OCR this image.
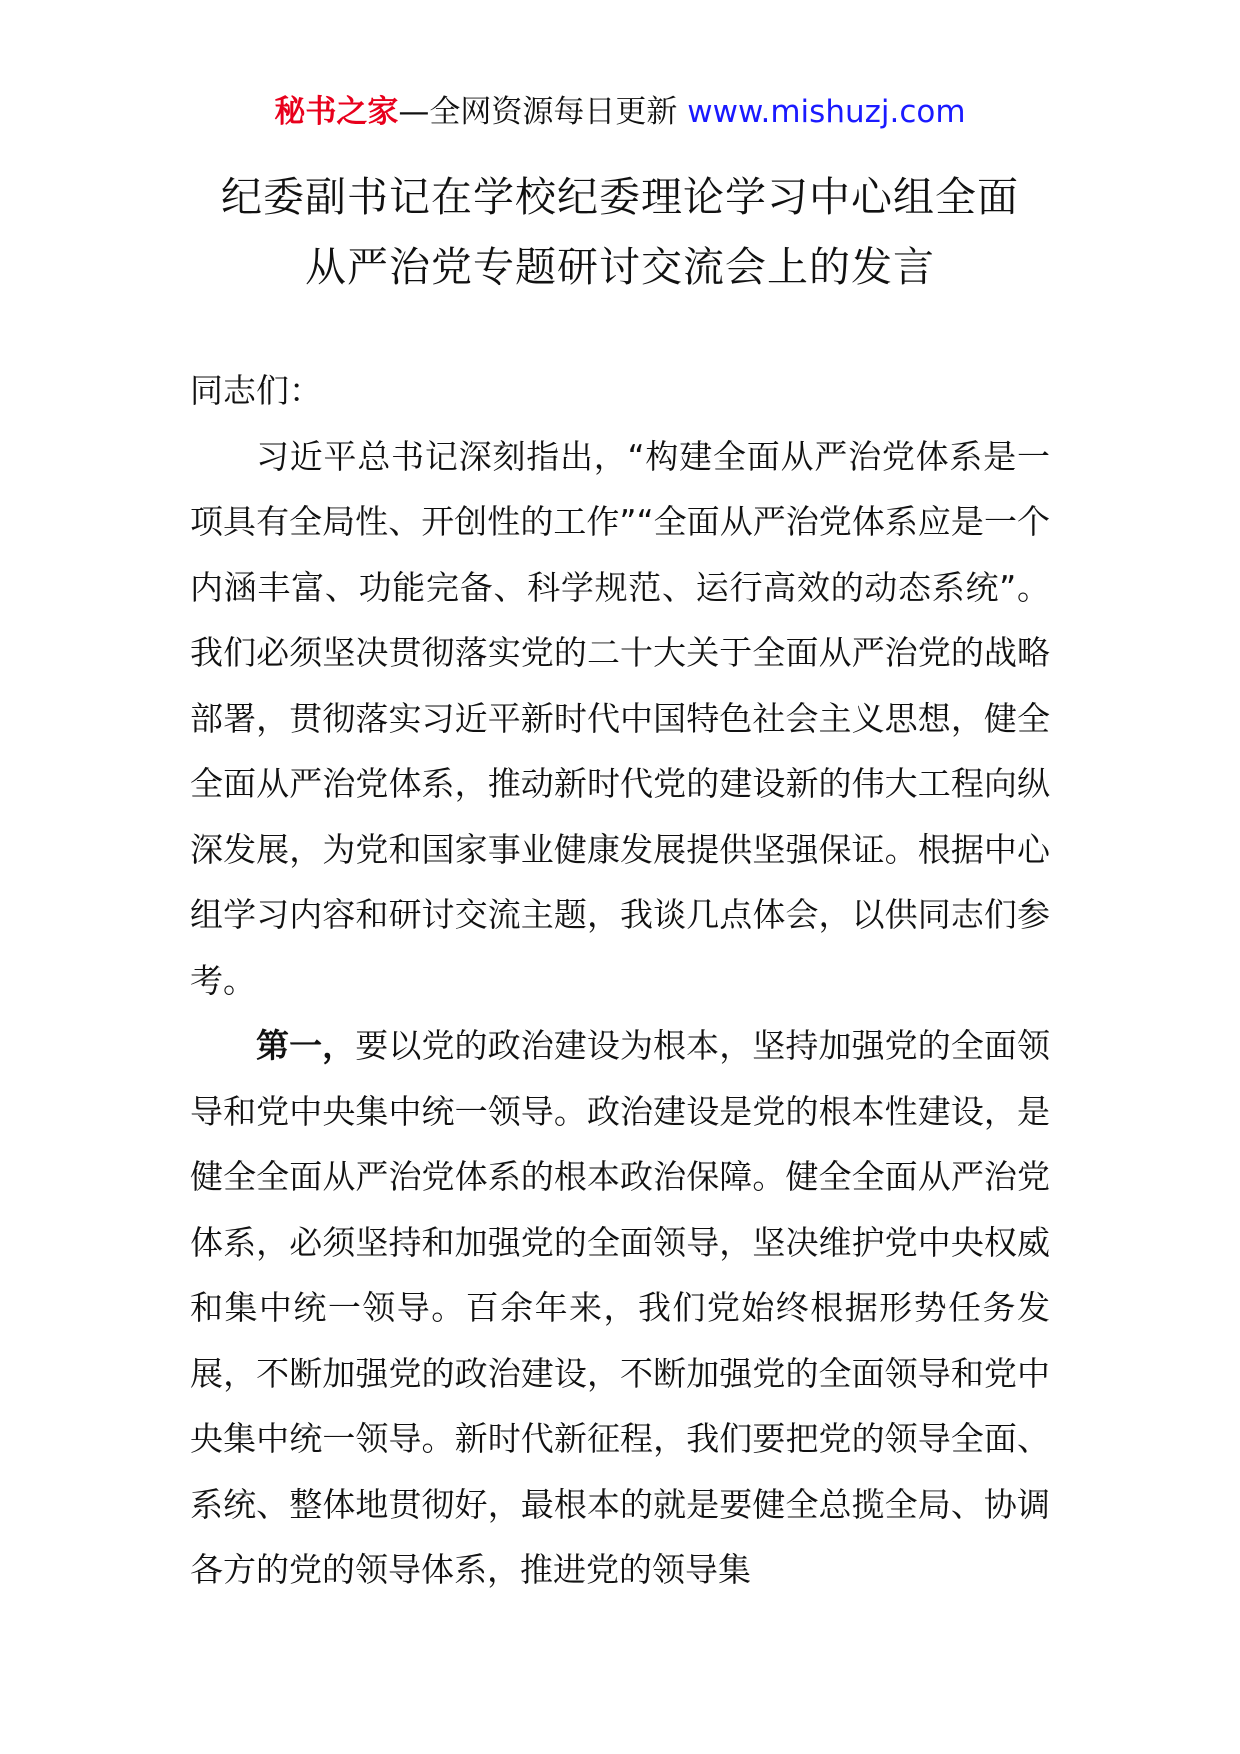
秘书之家—全网资源每日更新 www.mishuzj.com
纪委副书记在学校纪委理论学习中心组全面
从严治党专题研讨交流会上的发言

同志们：

习近平总书记深刻指出，“构建全面从严治党体系是一项具有全局性、开创性的工作”“全面从严治党体系应是一个内涵丰富、功能完备、科学规范、运行高效的动态系统”。我们必须坚决贯彻落实党的二十大关于全面从严治党的战略部署，贯彻落实习近平新时代中国特色社会主义思想，健全全面从严治党体系，推动新时代党的建设新的伟大工程向纵深发展，为党和国家事业健康发展提供坚强保证。根据中心组学习内容和研讨交流主题，我谈几点体会，以供同志们参考。

第一，要以党的政治建设为根本，坚持加强党的全面领导和党中央集中统一领导。政治建设是党的根本性建设，是健全全面从严治党体系的根本政治保障。健全全面从严治党体系，必须坚持和加强党的全面领导，坚决维护党中央权威和集中统一领导。百余年来，我们党始终根据形势任务发展，不断加强党的政治建设，不断加强党的全面领导和党中央集中统一领导。新时代新征程，我们要把党的领导全面、系统、整体地贯彻好，最根本的就是要健全总揽全局、协调各方的党的领导体系，推进党的领导集
